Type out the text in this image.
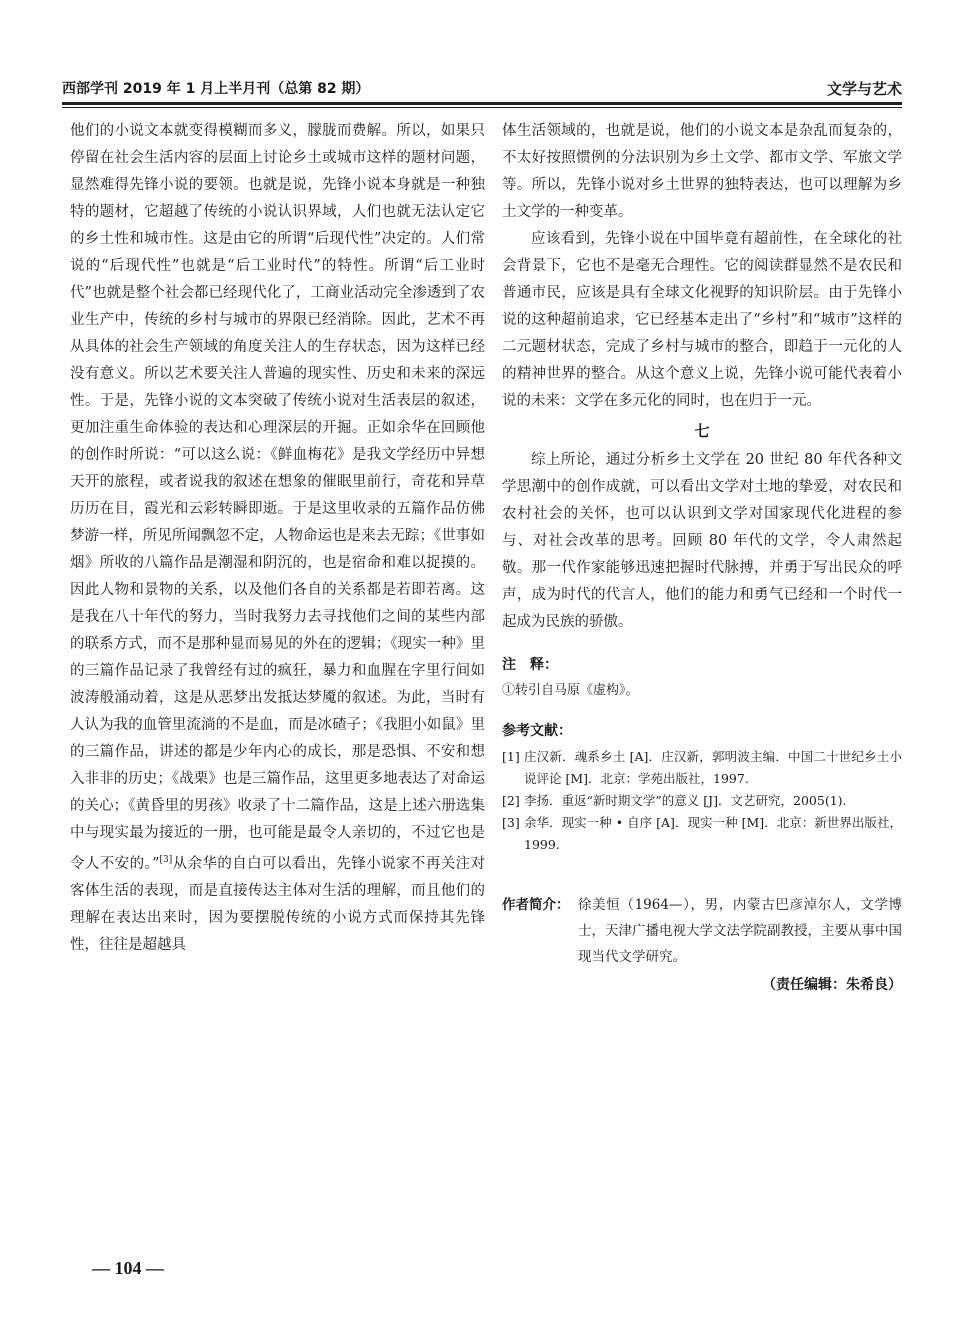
西部学刊 2019 年 1 月上半月刊（总第 82 期）	文学与艺术

他们的小说文本就变得模糊而多义，朦胧而费解。所以，如果只停留在社会生活内容的层面上讨论乡土或城市这样的题材问题，显然难得先锋小说的要领。也就是说，先锋小说本身就是一种独特的题材，它超越了传统的小说认识界域，人们也就无法认定它的乡土性和城市性。这是由它的所谓“后现代性”决定的。人们常说的“后现代性”也就是“后工业时代”的特性。所谓“后工业时代”也就是整个社会都已经现代化了，工商业活动完全渗透到了农业生产中，传统的乡村与城市的界限已经消除。因此，艺术不再从具体的社会生产领域的角度关注人的生存状态，因为这样已经没有意义。所以艺术要关注人普遍的现实性、历史和未来的深远性。于是，先锋小说的文本突破了传统小说对生活表层的叙述，更加注重生命体验的表达和心理深层的开掘。正如余华在回顾他的创作时所说：“可以这么说：《鲜血梅花》是我文学经历中异想天开的旅程，或者说我的叙述在想象的催眠里前行，奇花和异草历历在目，霞光和云彩转瞬即逝。于是这里收录的五篇作品仿佛梦游一样，所见所闻飘忽不定，人物命运也是来去无踪；《世事如烟》所收的八篇作品是潮湿和阴沉的，也是宿命和难以捉摸的。因此人物和景物的关系，以及他们各自的关系都是若即若离。这是我在八十年代的努力，当时我努力去寻找他们之间的某些内部的联系方式，而不是那种显而易见的外在的逻辑；《现实一种》里的三篇作品记录了我曾经有过的疯狂，暴力和血腥在字里行间如波涛般涌动着，这是从恶梦出发抵达梦魇的叙述。为此，当时有人认为我的血管里流淌的不是血，而是冰碴子；《我胆小如鼠》里的三篇作品，讲述的都是少年内心的成长，那是恐惧、不安和想入非非的历史；《战栗》也是三篇作品，这里更多地表达了对命运的关心；《黄昏里的男孩》收录了十二篇作品，这是上述六册选集中与现实最为接近的一册，也可能是最令人亲切的，不过它也是令人不安的。”[3]从余华的自白可以看出，先锋小说家不再关注对客体生活的表现，而是直接传达主体对生活的理解，而且他们的理解在表达出来时，因为要摆脱传统的小说方式而保持其先锋性，往往是超越具

体生活领域的，也就是说，他们的小说文本是杂乱而复杂的，不太好按照惯例的分法识别为乡土文学、都市文学、军旅文学等。所以，先锋小说对乡土世界的独特表达，也可以理解为乡土文学的一种变革。

应该看到，先锋小说在中国毕竟有超前性，在全球化的社会背景下，它也不是毫无合理性。它的阅读群显然不是农民和普通市民，应该是具有全球文化视野的知识阶层。由于先锋小说的这种超前追求，它已经基本走出了“乡村”和“城市”这样的二元题材状态，完成了乡村与城市的整合，即趋于一元化的人的精神世界的整合。从这个意义上说，先锋小说可能代表着小说的未来：文学在多元化的同时，也在归于一元。

七

综上所论，通过分析乡土文学在 20 世纪 80 年代各种文学思潮中的创作成就，可以看出文学对土地的挚爱，对农民和农村社会的关怀，也可以认识到文学对国家现代化进程的参与、对社会改革的思考。回顾 80 年代的文学，令人肃然起敬。那一代作家能够迅速把握时代脉搏，并勇于写出民众的呼声，成为时代的代言人，他们的能力和勇气已经和一个时代一起成为民族的骄傲。

注　释：
①转引自马原《虚构》。
参考文献：
[1] 庄汉新．魂系乡土 [A]．庄汉新，郭明波主编．中国二十世纪乡土小说评论 [M]．北京：学苑出版社，1997.
[2] 李扬．重返“新时期文学”的意义 [J]．文艺研究，2005(1).
[3] 余华．现实一种 • 自序 [A]．现实一种 [M]．北京：新世界出版社，1999.
作者简介： 徐美恒（1964—），男，内蒙古巴彦淖尔人，文学博士，天津广播电视大学文法学院副教授，主要从事中国现当代文学研究。
（责任编辑：朱希良）
— 104 —
